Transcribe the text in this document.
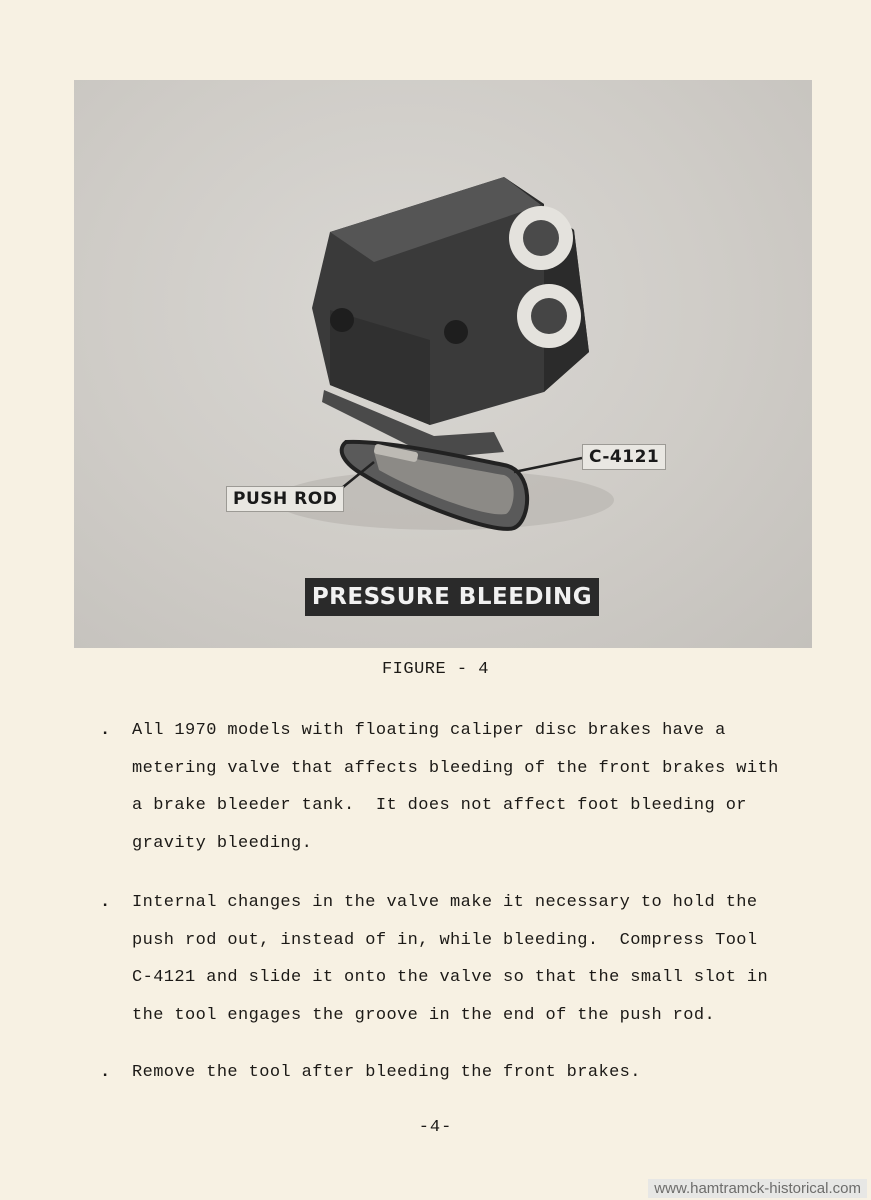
C-4121
PUSH ROD
PRESSURE BLEEDING
FIGURE - 4
. All 1970 models with floating caliper disc brakes have a
metering valve that affects bleeding of the front brakes with
a brake bleeder tank.  It does not affect foot bleeding or
gravity bleeding.
. Internal changes in the valve make it necessary to hold the
push rod out, instead of in, while bleeding.  Compress Tool
C-4121 and slide it onto the valve so that the small slot in
the tool engages the groove in the end of the push rod.
. Remove the tool after bleeding the front brakes.
-4-
www.hamtramck-historical.com
